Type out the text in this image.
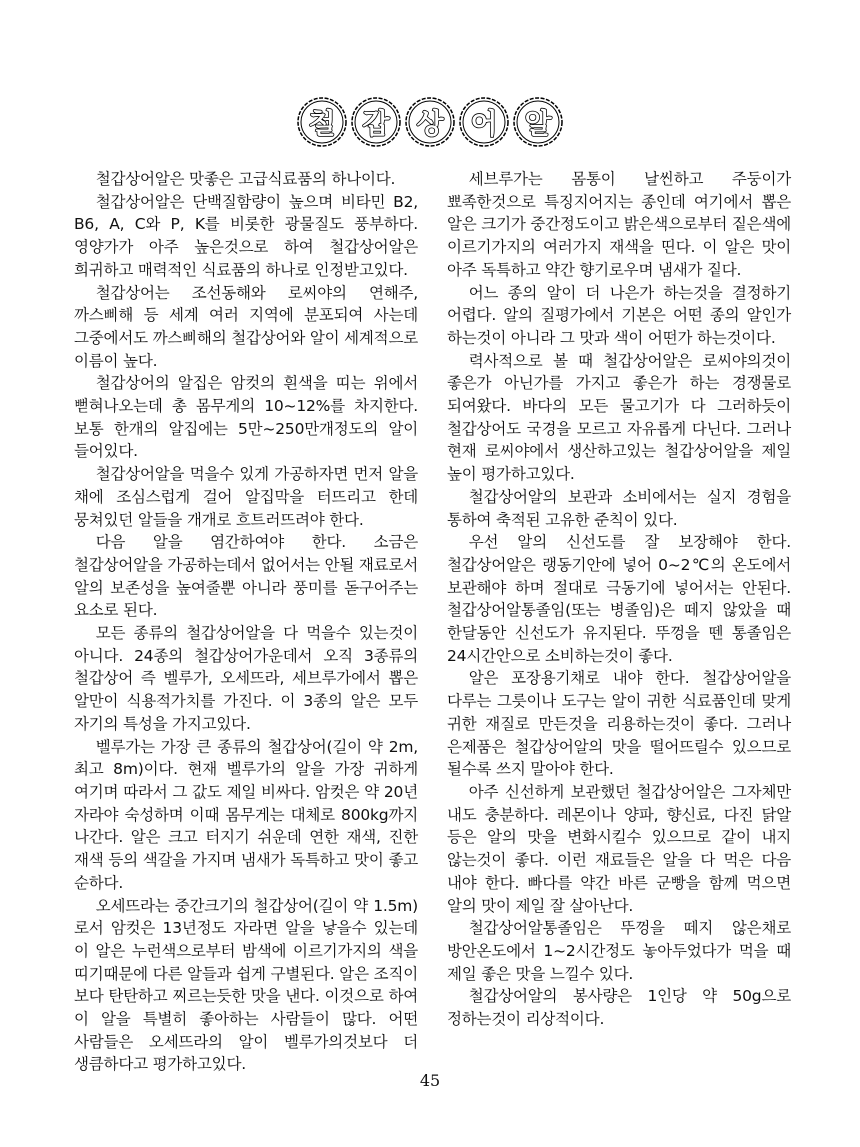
철 갑 상 어 알

철갑상어알은 맛좋은 고급식료품의 하나이다.

철갑상어알은 단백질함량이 높으며 비타민 B2, B6, A, C와 P, K를 비롯한 광물질도 풍부하다. 영양가가 아주 높은것으로 하여 철갑상어알은 희귀하고 매력적인 식료품의 하나로 인정받고있다.

철갑상어는 조선동해와 로씨야의 연해주, 까스삐해 등 세계 여러 지역에 분포되여 사는데 그중에서도 까스삐해의 철갑상어와 알이 세계적으로 이름이 높다.

철갑상어의 알집은 암컷의 흰색을 띠는 위에서 뻗혀나오는데 총 몸무게의 10~12%를 차지한다. 보통 한개의 알집에는 5만~250만개정도의 알이 들어있다.

철갑상어알을 먹을수 있게 가공하자면 먼저 알을 채에 조심스럽게 걸어 알집막을 터뜨리고 한데 뭉쳐있던 알들을 개개로 흐트러뜨려야 한다.

다음 알을 염간하여야 한다. 소금은 철갑상어알을 가공하는데서 없어서는 안될 재료로서 알의 보존성을 높여줄뿐 아니라 풍미를 돋구어주는 요소로 된다.

모든 종류의 철갑상어알을 다 먹을수 있는것이 아니다. 24종의 철갑상어가운데서 오직 3종류의 철갑상어 즉 벨루가, 오세뜨라, 세브루가에서 뽑은 알만이 식용적가치를 가진다. 이 3종의 알은 모두 자기의 특성을 가지고있다.

벨루가는 가장 큰 종류의 철갑상어(길이 약 2m, 최고 8m)이다. 현재 벨루가의 알을 가장 귀하게 여기며 따라서 그 값도 제일 비싸다. 암컷은 약 20년 자라야 숙성하며 이때 몸무게는 대체로 800kg까지 나간다. 알은 크고 터지기 쉬운데 연한 재색, 진한 재색 등의 색갈을 가지며 냄새가 독특하고 맛이 좋고 순하다.

오세뜨라는 중간크기의 철갑상어(길이 약 1.5m)로서 암컷은 13년정도 자라면 알을 낳을수 있는데 이 알은 누런색으로부터 밤색에 이르기가지의 색을 띠기때문에 다른 알들과 쉽게 구별된다. 알은 조직이 보다 탄탄하고 찌르는듯한 맛을 낸다. 이것으로 하여 이 알을 특별히 좋아하는 사람들이 많다. 어떤 사람들은 오세뜨라의 알이 벨루가의것보다 더 생큼하다고 평가하고있다.

세브루가는 몸통이 날씬하고 주둥이가 뾰족한것으로 특징지어지는 종인데 여기에서 뽑은 알은 크기가 중간정도이고 밝은색으로부터 짙은색에 이르기가지의 여러가지 재색을 띤다. 이 알은 맛이 아주 독특하고 약간 향기로우며 냄새가 짙다.

어느 종의 알이 더 나은가 하는것을 결정하기 어렵다. 알의 질평가에서 기본은 어떤 종의 알인가 하는것이 아니라 그 맛과 색이 어떤가 하는것이다.

력사적으로 볼 때 철갑상어알은 로씨야의것이 좋은가 아닌가를 가지고 좋은가 하는 경쟁물로 되여왔다. 바다의 모든 물고기가 다 그러하듯이 철갑상어도 국경을 모르고 자유롭게 다닌다. 그러나 현재 로씨야에서 생산하고있는 철갑상어알을 제일 높이 평가하고있다.

철갑상어알의 보관과 소비에서는 실지 경험을 통하여 축적된 고유한 준칙이 있다.

우선 알의 신선도를 잘 보장해야 한다. 철갑상어알은 랭동기안에 넣어 0~2℃의 온도에서 보관해야 하며 절대로 극동기에 넣어서는 안된다. 철갑상어알통졸임(또는 병졸임)은 떼지 않았을 때 한달동안 신선도가 유지된다. 뚜껑을 뗀 통졸임은 24시간안으로 소비하는것이 좋다.

알은 포장용기채로 내야 한다. 철갑상어알을 다루는 그릇이나 도구는 알이 귀한 식료품인데 맞게 귀한 재질로 만든것을 리용하는것이 좋다. 그러나 은제품은 철갑상어알의 맛을 떨어뜨릴수 있으므로 될수록 쓰지 말아야 한다.

아주 신선하게 보관했던 철갑상어알은 그자체만 내도 충분하다. 레몬이나 양파, 향신료, 다진 닭알 등은 알의 맛을 변화시킬수 있으므로 같이 내지 않는것이 좋다. 이런 재료들은 알을 다 먹은 다음 내야 한다. 빠다를 약간 바른 군빵을 함께 먹으면 알의 맛이 제일 잘 살아난다.

철갑상어알통졸임은 뚜껑을 떼지 않은채로 방안온도에서 1~2시간정도 놓아두었다가 먹을 때 제일 좋은 맛을 느낄수 있다.

철갑상어알의 봉사량은 1인당 약 50g으로 정하는것이 리상적이다.

45
